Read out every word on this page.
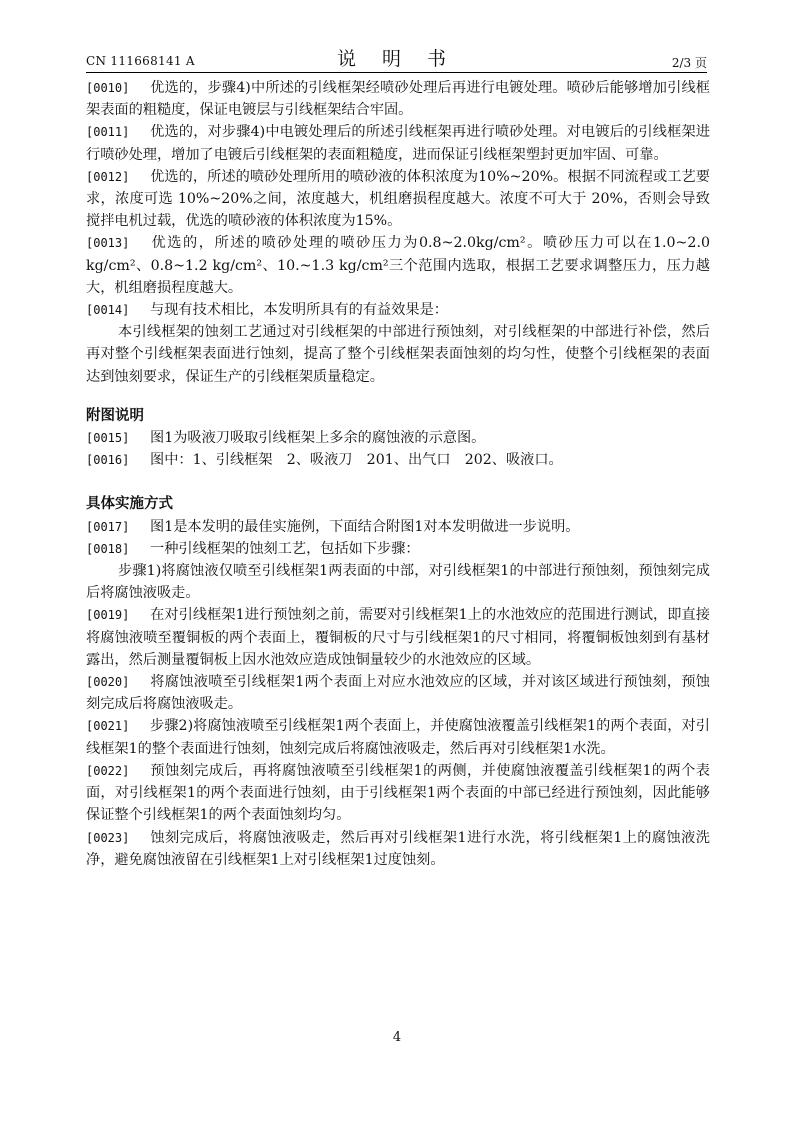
CN 111668141 A	说 明 书	2/3 页

[0010] 优选的，步骤4)中所述的引线框架经喷砂处理后再进行电镀处理。喷砂后能够增加引线框架表面的粗糙度，保证电镀层与引线框架结合牢固。

[0011] 优选的，对步骤4)中电镀处理后的所述引线框架再进行喷砂处理。对电镀后的引线框架进行喷砂处理，增加了电镀后引线框架的表面粗糙度，进而保证引线框架塑封更加牢固、可靠。

[0012] 优选的，所述的喷砂处理所用的喷砂液的体积浓度为10%~20%。根据不同流程或工艺要求，浓度可选 10%~20%之间，浓度越大，机组磨损程度越大。浓度不可大于 20%，否则会导致搅拌电机过载，优选的喷砂液的体积浓度为15%。

[0013] 优选的，所述的喷砂处理的喷砂压力为0.8~2.0kg/cm²。喷砂压力可以在1.0~2.0 kg/cm²、0.8~1.2 kg/cm²、10.~1.3 kg/cm²三个范围内选取，根据工艺要求调整压力，压力越大，机组磨损程度越大。

[0014] 与现有技术相比，本发明所具有的有益效果是：

本引线框架的蚀刻工艺通过对引线框架的中部进行预蚀刻，对引线框架的中部进行补偿，然后再对整个引线框架表面进行蚀刻，提高了整个引线框架表面蚀刻的均匀性，使整个引线框架的表面达到蚀刻要求，保证生产的引线框架质量稳定。

附图说明

[0015] 图1为吸液刀吸取引线框架上多余的腐蚀液的示意图。

[0016] 图中：1、引线框架　2、吸液刀　201、出气口　202、吸液口。

具体实施方式

[0017] 图1是本发明的最佳实施例，下面结合附图1对本发明做进一步说明。

[0018] 一种引线框架的蚀刻工艺，包括如下步骤：

步骤1)将腐蚀液仅喷至引线框架1两表面的中部，对引线框架1的中部进行预蚀刻，预蚀刻完成后将腐蚀液吸走。

[0019] 在对引线框架1进行预蚀刻之前，需要对引线框架1上的水池效应的范围进行测试，即直接将腐蚀液喷至覆铜板的两个表面上，覆铜板的尺寸与引线框架1的尺寸相同，将覆铜板蚀刻到有基材露出，然后测量覆铜板上因水池效应造成蚀铜量较少的水池效应的区域。

[0020] 将腐蚀液喷至引线框架1两个表面上对应水池效应的区域，并对该区域进行预蚀刻，预蚀刻完成后将腐蚀液吸走。

[0021] 步骤2)将腐蚀液喷至引线框架1两个表面上，并使腐蚀液覆盖引线框架1的两个表面，对引线框架1的整个表面进行蚀刻，蚀刻完成后将腐蚀液吸走，然后再对引线框架1水洗。

[0022] 预蚀刻完成后，再将腐蚀液喷至引线框架1的两侧，并使腐蚀液覆盖引线框架1的两个表面，对引线框架1的两个表面进行蚀刻，由于引线框架1两个表面的中部已经进行预蚀刻，因此能够保证整个引线框架1的两个表面蚀刻均匀。

[0023] 蚀刻完成后，将腐蚀液吸走，然后再对引线框架1进行水洗，将引线框架1上的腐蚀液洗净，避免腐蚀液留在引线框架1上对引线框架1过度蚀刻。

4
